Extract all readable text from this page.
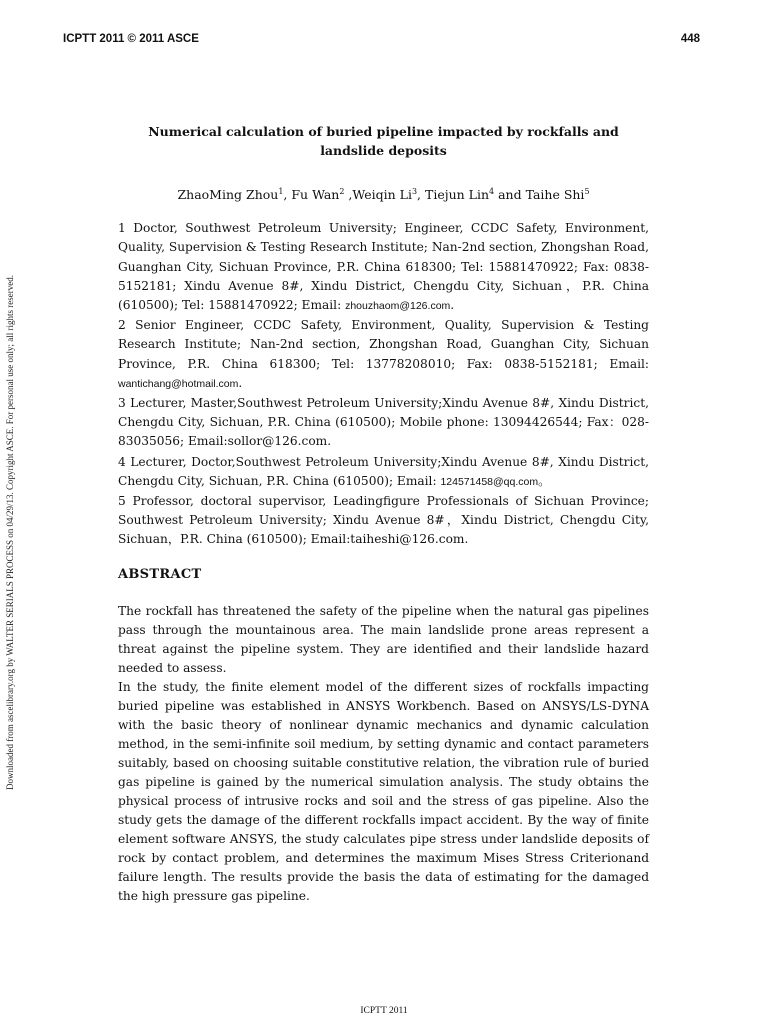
ICPTT 2011 © 2011 ASCE	448
Downloaded from ascelibrary.org by WALTER SERIALS PROCESS on 04/29/13. Copyright ASCE. For personal use only; all rights reserved.
Numerical calculation of buried pipeline impacted by rockfalls and landslide deposits
ZhaoMing Zhou$^1$, Fu Wan$^2$ ,Weiqin Li$^3$, Tiejun Lin$^4$ and Taihe Shi$^5$

1 Doctor, Southwest Petroleum University; Engineer, CCDC Safety, Environment, Quality, Supervision & Testing Research Institute; Nan-2nd section, Zhongshan Road, Guanghan City, Sichuan Province, P.R. China 618300; Tel: 15881470922; Fax: 0838-5152181; Xindu Avenue 8#, Xindu District, Chengdu City, Sichuan，P.R. China (610500); Tel: 15881470922; Email: zhouzhaom@126.com.

2 Senior Engineer, CCDC Safety, Environment, Quality, Supervision & Testing Research Institute; Nan-2nd section, Zhongshan Road, Guanghan City, Sichuan Province, P.R. China 618300; Tel: 13778208010; Fax: 0838-5152181; Email: wantichang@hotmail.com.

3 Lecturer, Master,Southwest Petroleum University;Xindu Avenue 8#, Xindu District, Chengdu City, Sichuan, P.R. China (610500); Mobile phone: 13094426544; Fax：028-83035056; Email:sollor@126.com.

4 Lecturer, Doctor,Southwest Petroleum University;Xindu Avenue 8#, Xindu District, Chengdu City, Sichuan, P.R. China (610500); Email: 124571458@qq.com。

5 Professor, doctoral supervisor, Leadingfigure Professionals of Sichuan Province; Southwest Petroleum University; Xindu Avenue 8#，Xindu District, Chengdu City, Sichuan，P.R. China (610500); Email:taiheshi@126.com.

ABSTRACT

The rockfall has threatened the safety of the pipeline when the natural gas pipelines pass through the mountainous area. The main landslide prone areas represent a threat against the pipeline system. They are identified and their landslide hazard needed to assess.

In the study, the finite element model of the different sizes of rockfalls impacting buried pipeline was established in ANSYS Workbench. Based on ANSYS/LS-DYNA with the basic theory of nonlinear dynamic mechanics and dynamic calculation method, in the semi-infinite soil medium, by setting dynamic and contact parameters suitably, based on choosing suitable constitutive relation, the vibration rule of buried gas pipeline is gained by the numerical simulation analysis. The study obtains the physical process of intrusive rocks and soil and the stress of gas pipeline. Also the study gets the damage of the different rockfalls impact accident. By the way of finite element software ANSYS, the study calculates pipe stress under landslide deposits of rock by contact problem, and determines the maximum Mises Stress Criterionand failure length. The results provide the basis the data of estimating for the damaged the high pressure gas pipeline.

ICPTT 2011
